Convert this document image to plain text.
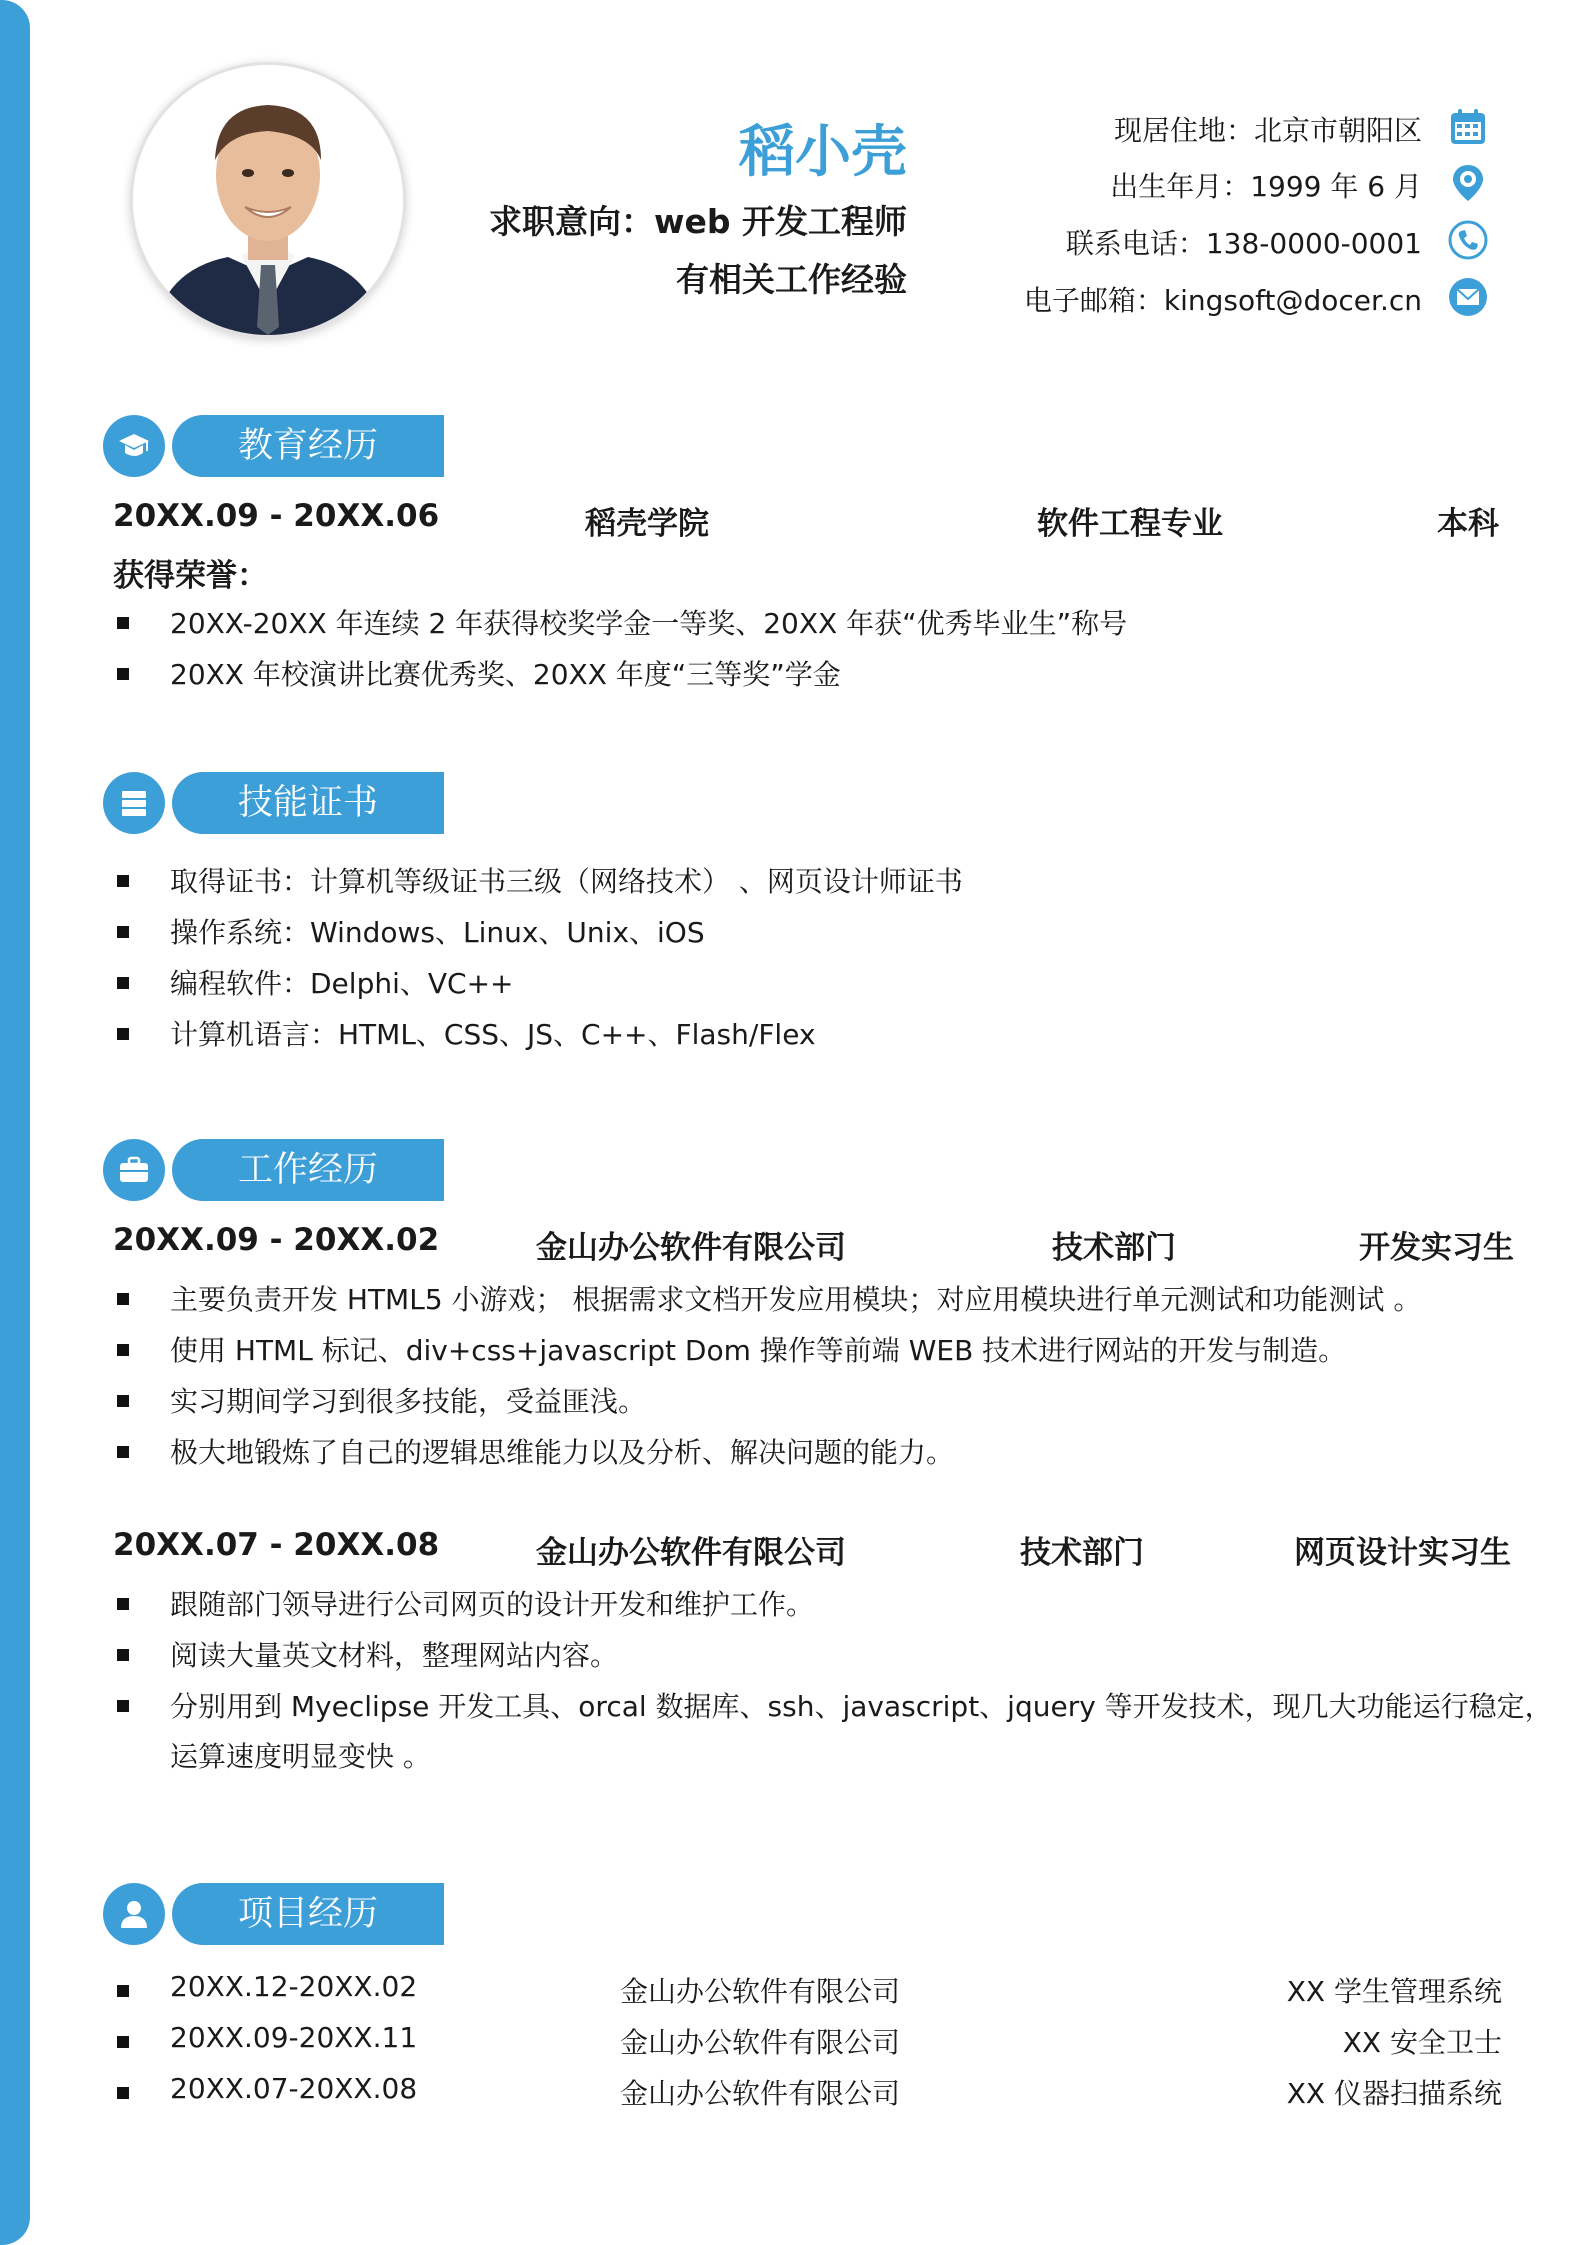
稻小壳
求职意向：web 开发工程师
有相关工作经验
现居住地：北京市朝阳区
出生年月：1999 年 6 月
联系电话：138-0000-0001
电子邮箱：kingsoft@docer.cn
教育经历
20XX.09 - 20XX.06	稻壳学院	软件工程专业	本科
获得荣誉：
20XX-20XX 年连续 2 年获得校奖学金一等奖、20XX 年获“优秀毕业生”称号
20XX 年校演讲比赛优秀奖、20XX 年度“三等奖”学金
技能证书
取得证书：计算机等级证书三级（网络技术） 、网页设计师证书
操作系统：Windows、Linux、Unix、iOS
编程软件：Delphi、VC++
计算机语言：HTML、CSS、JS、C++、Flash/Flex
工作经历
20XX.09 - 20XX.02	金山办公软件有限公司	技术部门	开发实习生
主要负责开发 HTML5 小游戏； 根据需求文档开发应用模块；对应用模块进行单元测试和功能测试 。
使用 HTML 标记、div+css+javascript Dom 操作等前端 WEB 技术进行网站的开发与制造。
实习期间学习到很多技能，受益匪浅。
极大地锻炼了自己的逻辑思维能力以及分析、解决问题的能力。
20XX.07 - 20XX.08	金山办公软件有限公司	技术部门	网页设计实习生
跟随部门领导进行公司网页的设计开发和维护工作。
阅读大量英文材料，整理网站内容。
分别用到 Myeclipse 开发工具、orcal 数据库、ssh、javascript、jquery 等开发技术，现几大功能运行稳定，
运算速度明显变快 。
项目经历
20XX.12-20XX.02	金山办公软件有限公司	XX 学生管理系统
20XX.09-20XX.11	金山办公软件有限公司	XX 安全卫士
20XX.07-20XX.08	金山办公软件有限公司	XX 仪器扫描系统
